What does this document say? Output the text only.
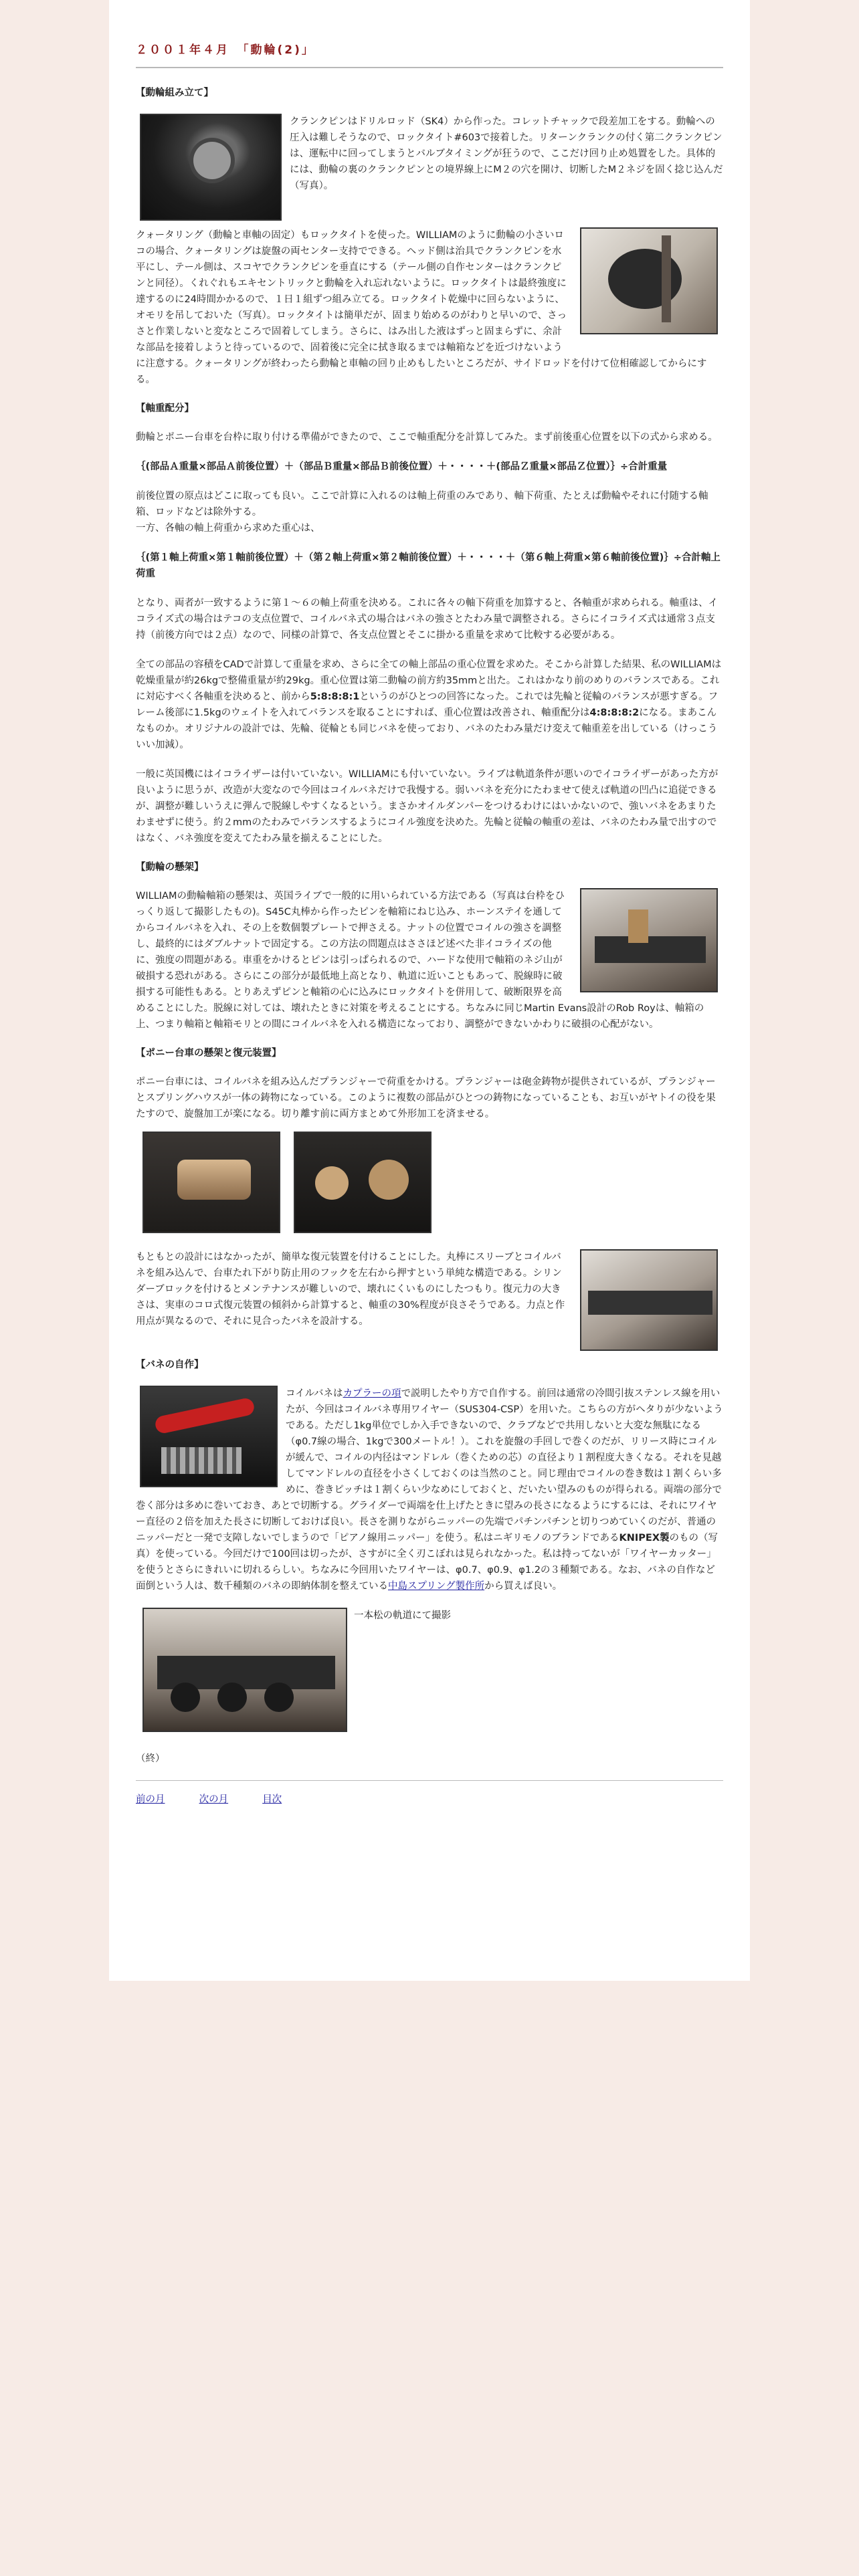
２００１年４月　「動輪(2)」
【動輪組み立て】

クランクピンはドリルロッド（SK4）から作った。コレットチャックで段差加工をする。動輪への圧入は難しそうなので、ロックタイト#603で接着した。リターンクランクの付く第二クランクピンは、運転中に回ってしまうとバルブタイミングが狂うので、ここだけ回り止め処置をした。具体的には、動輪の裏のクランクピンとの境界線上にM２の穴を開け、切断したM２ネジを固く捻じ込んだ（写真）。

クォータリング（動輪と車軸の固定）もロックタイトを使った。WILLIAMのように動輪の小さいロコの場合、クォータリングは旋盤の両センター支持でできる。ヘッド側は治具でクランクピンを水平にし、テール側は、スコヤでクランクピンを垂直にする（テール側の自作センターはクランクピンと同径）。くれぐれもエキセントリックと動輪を入れ忘れないように。ロックタイトは最終強度に達するのに24時間かかるので、１日１組ずつ組み立てる。ロックタイト乾燥中に回らないように、オモリを吊しておいた（写真）。ロックタイトは簡単だが、固まり始めるのがわりと早いので、さっさと作業しないと変なところで固着してしまう。さらに、はみ出した液はずっと固まらずに、余計な部品を接着しようと待っているので、固着後に完全に拭き取るまでは軸箱などを近づけないように注意する。クォータリングが終わったら動輪と車軸の回り止めもしたいところだが、サイドロッドを付けて位相確認してからにする。

【軸重配分】

動輪とポニー台車を台枠に取り付ける準備ができたので、ここで軸重配分を計算してみた。まず前後重心位置を以下の式から求める。

｛(部品Ａ重量×部品Ａ前後位置）＋（部品Ｂ重量×部品Ｂ前後位置）＋・・・・＋(部品Ｚ重量×部品Ｚ位置）｝÷合計重量

前後位置の原点はどこに取っても良い。ここで計算に入れるのは軸上荷重のみであり、軸下荷重、たとえば動輪やそれに付随する軸箱、ロッドなどは除外する。
一方、各軸の軸上荷重から求めた重心は、

｛(第１軸上荷重×第１軸前後位置）＋（第２軸上荷重×第２軸前後位置）＋・・・・＋（第６軸上荷重×第６軸前後位置)｝÷合計軸上荷重

となり、両者が一致するように第１～６の軸上荷重を決める。これに各々の軸下荷重を加算すると、各軸重が求められる。軸重は、イコライズ式の場合はテコの支点位置で、コイルバネ式の場合はバネの強さとたわみ量で調整される。さらにイコライズ式は通常３点支持（前後方向では２点）なので、同様の計算で、各支点位置とそこに掛かる重量を求めて比較する必要がある。

全ての部品の容積をCADで計算して重量を求め、さらに全ての軸上部品の重心位置を求めた。そこから計算した結果、私のWILLIAMは乾燥重量が約26kgで整備重量が約29kg。重心位置は第二動輪の前方約35mmと出た。これはかなり前のめりのバランスである。これに対応すべく各軸重を決めると、前から5:8:8:8:1というのがひとつの回答になった。これでは先輪と従輪のバランスが悪すぎる。フレーム後部に1.5kgのウェイトを入れてバランスを取ることにすれば、重心位置は改善され、軸重配分は4:8:8:8:2になる。まあこんなものか。オリジナルの設計では、先輪、従輪とも同じバネを使っており、バネのたわみ量だけ変えて軸重差を出している（けっこういい加減）。

一般に英国機にはイコライザーは付いていない。WILLIAMにも付いていない。ライブは軌道条件が悪いのでイコライザーがあった方が良いように思うが、改造が大変なので今回はコイルバネだけで我慢する。弱いバネを充分にたわませて使えば軌道の凹凸に追従できるが、調整が難しいうえに弾んで脱線しやすくなるという。まさかオイルダンパーをつけるわけにはいかないので、強いバネをあまりたわませずに使う。約２mmのたわみでバランスするようにコイル強度を決めた。先輪と従輪の軸重の差は、バネのたわみ量で出すのではなく、バネ強度を変えてたわみ量を揃えることにした。

【動輪の懸架】

WILLIAMの動輪軸箱の懸架は、英国ライブで一般的に用いられている方法である（写真は台枠をひっくり返して撮影したもの)。S45C丸棒から作ったピンを軸箱にねじ込み、ホーンステイを通してからコイルバネを入れ、その上を数個製プレートで押さえる。ナットの位置でコイルの強さを調整し、最終的にはダブルナットで固定する。この方法の問題点はささほど述べた非イコライズの他に、強度の問題がある。車重をかけるとピンは引っぱられるので、ハードな使用で軸箱のネジ山が破損する恐れがある。さらにこの部分が最低地上高となり、軌道に近いこともあって、脱線時に破損する可能性もある。とりあえずピンと軸箱の心に込みにロックタイトを併用して、破断限界を高めることにした。脱線に対しては、壊れたときに対策を考えることにする。ちなみに同じMartin Evans設計のRob Royは、軸箱の上、つまり軸箱と軸箱モリとの間にコイルバネを入れる構造になっており、調整ができないかわりに破損の心配がない。

【ポニー台車の懸架と復元装置】

ポニー台車には、コイルバネを組み込んだプランジャーで荷重をかける。プランジャーは砲金鋳物が提供されているが、プランジャーとスプリングハウスが一体の鋳物になっている。このように複数の部品がひとつの鋳物になっていることも、お互いがヤトイの役を果たすので、旋盤加工が楽になる。切り離す前に両方まとめて外形加工を済ませる。

もともとの設計にはなかったが、簡単な復元装置を付けることにした。丸棒にスリーブとコイルバネを組み込んで、台車たれ下がり防止用のフックを左右から押すという単純な構造である。シリンダーブロックを付けるとメンテナンスが難しいので、壊れにくいものにしたつもり。復元力の大きさは、実車のコロ式復元装置の傾斜から計算すると、軸重の30%程度が良さそうである。力点と作用点が異なるので、それに見合ったバネを設計する。

【バネの自作】

コイルバネはカプラーの項で説明したやり方で自作する。前回は通常の冷間引抜ステンレス線を用いたが、今回はコイルバネ専用ワイヤー（SUS304-CSP）を用いた。こちらの方がヘタりが少ないようである。ただし1kg単位でしか入手できないので、クラブなどで共用しないと大変な無駄になる（φ0.7線の場合、1kgで300メートル！）。これを旋盤の手回しで巻くのだが、リリース時にコイルが緩んで、コイルの内径はマンドレル（巻くための芯）の直径より１割程度大きくなる。それを見越してマンドレルの直径を小さくしておくのは当然のこと。同じ理由でコイルの巻き数は１割くらい多めに、巻きピッチは１割くらい少なめにしておくと、だいたい望みのものが得られる。両端の部分で巻く部分は多めに巻いておき、あとで切断する。グライダーで両端を仕上げたときに望みの長さになるようにするには、それにワイヤー直径の２倍を加えた長さに切断しておけば良い。長さを測りながらニッパーの先端でパチンパチンと切りつめていくのだが、普通のニッパーだと一発で支障しないでしまうので「ピアノ線用ニッパー」を使う。私はニギリモノのブランドであるKNIPEX製のもの（写真）を使っている。今回だけで100回は切ったが、さすがに全く刃こぼれは見られなかった。私は持ってないが「ワイヤーカッター」を使うとさらにきれいに切れるらしい。ちなみに今回用いたワイヤーは、φ0.7、φ0.9、φ1.2の３種類である。なお、バネの自作など面倒という人は、数千種類のバネの即納体制を整えている中島スプリング製作所から買えば良い。

一本松の軌道にて撮影

（終）

前の月	次の月	目次
